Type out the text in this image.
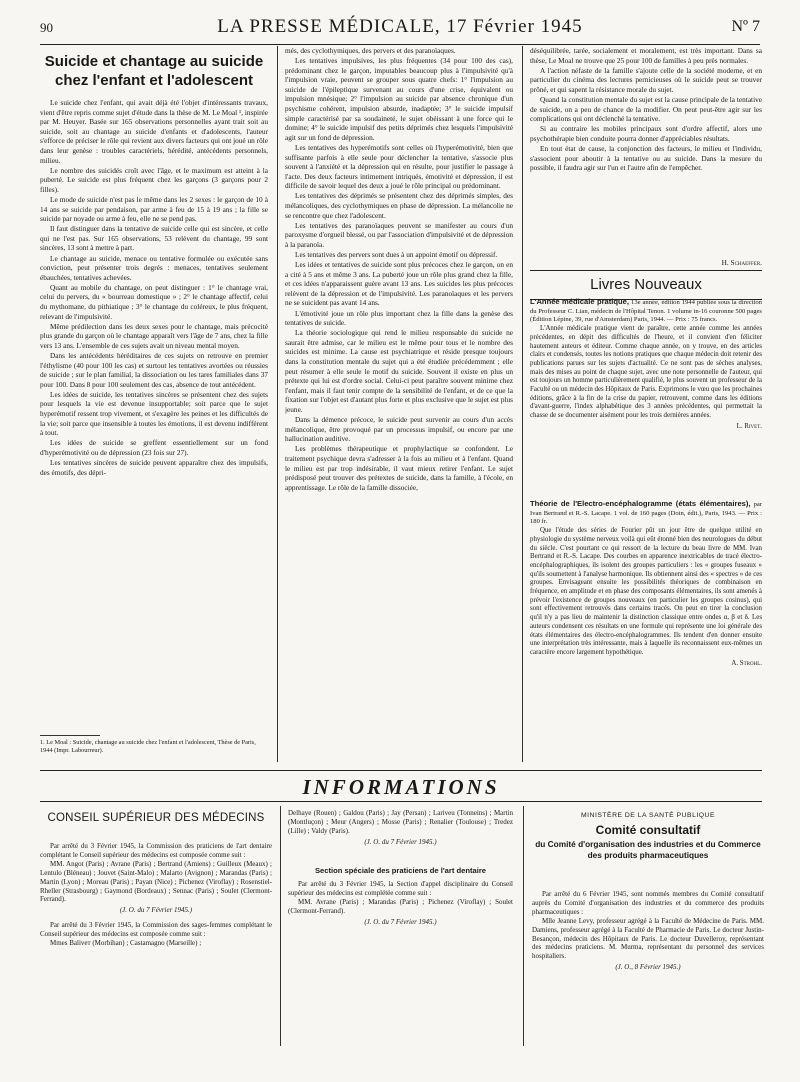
90	LA PRESSE MÉDICALE, 17 Février 1945	Nº 7
Suicide et chantage au suicide chez l'enfant et l'adolescent

Le suicide chez l'enfant, qui avait déjà été l'objet d'intéressants travaux, vient d'être repris comme sujet d'étude dans la thèse de M. Le Moal ¹, inspirée par M. Heuyer. Basée sur 165 observations personnelles ayant trait soit au suicide, soit au chantage au suicide d'enfants et d'adolescents, l'auteur s'efforce de préciser le rôle qui revient aux divers facteurs qui ont joué un rôle dans leur genèse : troubles caractériels, hérédité, antécédents personnels, milieu.

Le nombre des suicidés croît avec l'âge, et le maximum est atteint à la puberté. Le suicide est plus fréquent chez les garçons (3 garçons pour 2 filles).

Le mode de suicide n'est pas le même dans les 2 sexes : le garçon de 10 à 14 ans se suicide par pendaison, par arme à feu de 15 à 19 ans ; la fille se suicide par noyade ou arme à feu, elle ne se pend pas.

Il faut distinguer dans la tentative de suicide celle qui est sincère, et celle qui ne l'est pas. Sur 165 observations, 53 relèvent du chantage, 99 sont sincères, 13 sont à mettre à part.

Le chantage au suicide, menace ou tentative formulée ou exécutée sans conviction, peut présenter trois degrés : menaces, tentatives seulement ébauchées, tentatives achevées.

Quant au mobile du chantage, on peut distinguer : 1° le chantage vrai, celui du pervers, du « bourreau domestique » ; 2° le chantage affectif, celui du mythomane, du pithiatique ; 3° le chantage du coléreux, le plus fréquent, relevant de l'impulsivité.

Même prédilection dans les deux sexes pour le chantage, mais précocité plus grande du garçon où le chantage apparaît vers l'âge de 7 ans, chez la fille vers 13 ans. L'ensemble de ces sujets avait un niveau mental moyen.

Dans les antécédents héréditaires de ces sujets on retrouve en premier l'éthylisme (40 pour 100 les cas) et surtout les tentatives avortées ou réussies de suicide ; sur le plan familial, la dissociation ou les tares familiales dans 37 pour 100. Dans 8 pour 100 seulement des cas, absence de tout antécédent.

Les idées de suicide, les tentatives sincères se présentent chez des sujets pour lesquels la vie est devenue insupportable; soit parce que le sujet hyperémotif ressent trop vivement, et s'exagère les peines et les difficultés de la vie; soit parce que insensible à toutes les émotions, il est devenu indifférent à tout.

Les idées de suicide se greffent essentiellement sur un fond d'hyperémotivité ou de dépression (23 fois sur 27).

Les tentatives sincères de suicide peuvent apparaître chez des impulsifs, des émotifs, des dépri-

1. Le Moal : Suicide, chantage au suicide chez l'enfant et l'adolescent, Thèse de Paris, 1944 (Impr. Labourreur).

més, des cyclothymiques, des pervers et des paranoïaques.

Les tentatives impulsives, les plus fréquentes (34 pour 100 des cas), prédominant chez le garçon, imputables beaucoup plus à l'impulsivité qu'à l'impulsion vraie, peuvent se grouper sous quatre chefs: 1° l'impulsion au suicide de l'épileptique survenant au cours d'une crise, équivalent ou impulsion mnésique; 2° l'impulsion au suicide par absence chronique d'un psychisme cohérent, impulsion absurde, inadaptée; 3° le suicide impulsif simple caractérisé par sa soudaineté, le sujet obéissant à une force qui le domine; 4° le suicide impulsif des petits déprimés chez lesquels l'impulsivité agit sur un fond de dépression.

Les tentatives des hyperémotifs sont celles où l'hyperémotivité, bien que suffisante parfois à elle seule pour déclencher la tentative, s'associe plus souvent à l'anxiété et la dépression qui en résulte, pour justifier le passage à l'acte. Des deux facteurs intimement intriqués, émotivité et dépression, il est difficile de savoir lequel des deux a joué le rôle principal ou prédominant.

Les tentatives des déprimés se présentent chez des déprimés simples, des mélancoliques, des cyclothymiques en phase de dépression. La mélancolie ne se rencontre que chez l'adolescent.

Les tentatives des paranoïaques peuvent se manifester au cours d'un paroxysme d'orgueil blessé, ou par l'association d'impulsivité et de dépression à la paranoïa.

Les tentatives des pervers sont dues à un appoint émotif ou dépressif.

Les idées et tentatives de suicide sont plus précoces chez le garçon, on en a cité à 5 ans et même 3 ans. La puberté joue un rôle plus grand chez la fille, et ces idées n'apparaissent guère avant 13 ans. Les suicides les plus précoces relèvent de la dépression et de l'impulsivité. Les paranoïaques et les pervers ne se suicident pas avant 14 ans.

L'émotivité joue un rôle plus important chez la fille dans la genèse des tentatives de suicide.

La théorie sociologique qui rend le milieu responsable du suicide ne saurait être admise, car le milieu est le même pour tous et le nombre des suicides est minime. La cause est psychiatrique et réside presque toujours dans la constitution mentale du sujet qui a été étudiée précédemment ; elle peut résumer à elle seule le motif du suicide. Souvent il existe en plus un prétexte qui lui est d'ordre social. Celui-ci peut paraître souvent minime chez l'enfant, mais il faut tenir compte de la sensibilité de l'enfant, et de ce que la fixation sur l'objet est d'autant plus forte et plus exclusive que le sujet est plus jeune.

Dans la démence précoce, le suicide peut survenir au cours d'un accès mélancolique, être provoqué par un processus impulsif, ou encore par une hallucination auditive.

Les problèmes thérapeutique et prophylactique se confondent. Le traitement psychique devra s'adresser à la fois au milieu et à l'enfant. Quand le milieu est par trop indésirable, il vaut mieux retirer l'enfant. Le sujet prédisposé peut trouver des prétextes de suicide, dans la famille, à l'école, en apprentissage. Le rôle de la famille dissociée,

déséquilibrée, tarée, socialement et moralement, est très important. Dans sa thèse, Le Moal ne trouve que 25 pour 100 de familles à peu près normales.

A l'action néfaste de la famille s'ajoute celle de la société moderne, et en particulier du cinéma des lectures pernicieuses où le suicide peut se trouver prôné, et qui sapent la résistance morale du sujet.

Quand la constitution mentale du sujet est la cause principale de la tentative de suicide, on a peu de chance de la modifier. On peut peut-être agir sur les complications qui ont déclenché la tentative.

Si au contraire les mobiles principaux sont d'ordre affectif, alors une psychothérapie bien conduite pourra donner d'appréciables résultats.

En tout état de cause, la conjonction des facteurs, le milieu et l'individu, s'associent pour aboutir à la tentative ou au suicide. Dans la mesure du possible, il faudra agir sur l'un et l'autre afin de l'empêcher.

H. Schaeffer.
Livres Nouveaux
L'Année médicale pratique, 13e année, édition 1944 publiée sous la direction du Professeur C. Lian, médecin de l'Hôpital Tenon. 1 volume in-16 couronne 500 pages (Édition Lépine, 39, rue d'Amsterdam) Paris, 1944. — Prix : 75 francs.

L'Année médicale pratique vient de paraître, cette année comme les années précédentes, en dépit des difficultés de l'heure, et il convient d'en féliciter hautement auteurs et éditeur. Comme chaque année, on y trouve, en des articles clairs et condensés, toutes les notions pratiques que chaque médecin doit retenir des publications parues sur les sujets d'actualité. Ce ne sont pas de sèches analyses, mais des mises au point de chaque sujet, avec une note personnelle de l'auteur, qui est toujours un homme particulièrement qualifié, le plus souvent un professeur de la Faculté ou un médecin des Hôpitaux de Paris. Exprimons le vœu que les prochaines éditions, grâce à la fin de la crise du papier, retrouvent, comme dans les éditions d'avant-guerre, l'index alphabétique des 3 années précédentes, qui permettait la chasse de se documenter aisément pour les trois dernières années.

L. Rivet.
Théorie de l'Electro-encéphalogramme (états élémentaires), par Ivan Bertrand et R.-S. Lacape. 1 vol. de 160 pages (Doin, édit.), Paris, 1943. — Prix : 180 fr.

Que l'étude des séries de Fourier pût un jour être de quelque utilité en physiologie du système nerveux voilà qui eût étonné bien des neurologues du début du siècle. C'est pourtant ce qui ressort de la lecture du beau livre de MM. Ivan Bertrand et R.-S. Lacape. Des courbes en apparence inextricables de tracé électro-encéphalographiques, ils isolent des groupes particuliers : les « groupes fuseaux » qu'ils soumettent à l'analyse harmonique. Ils obtiennent ainsi des « spectres » de ces groupes. Envisageant ensuite les possibilités théoriques de combinaison en fréquence, en amplitude et en phase des composants élémentaires, ils sont amenés à prévoir l'existence de groupes nouveaux (en particulier les groupes cosinus), qui sont effectivement retrouvés dans certains tracés. On peut en tirer la conclusion qu'il n'y a pas lieu de maintenir la distinction classique entre ondes α, β et δ. Les auteurs condensent ces résultats en une formule qui représente une loi générale des états élémentaires des électro-encéphalogrammes. Ils tendent d'en donner ensuite une interprétation très intéressante, mais à laquelle ils reconnaissent eux-mêmes un caractère encore largement hypothétique.

A. Strohl.
INFORMATIONS
CONSEIL SUPÉRIEUR DES MÉDECINS

Par arrêté du 3 Février 1945, la Commission des praticiens de l'art dentaire complétant le Conseil supérieur des médecins est composée comme suit :

MM. Angot (Paris) ; Avrane (Paris) ; Bertrand (Amiens) ; Guilleux (Meaux) ; Lentulo (Bléneau) ; Jouvet (Saint-Malo) ; Malarto (Avignon) ; Marandas (Paris) ; Martin (Lyon) ; Moreau (Paris) ; Payan (Nice) ; Pichenez (Viroflay) ; Rosenstiel-Rheller (Strasbourg) ; Gaymond (Bordeaux) ; Sennac (Paris) ; Soulet (Clermont-Ferrand).

(J. O. du 7 Février 1945.)

Par arrêté du 3 Février 1945, la Commission des sages-femmes complétant le Conseil supérieur des médecins est composée comme suit :

Mmes Baliveт (Morbihan) ; Castamagno (Marseille) ;

Delhaye (Rouen) ; Galdou (Paris) ; Jay (Persan) ; Lariveu (Tonneins) ; Martin (Montluçon) ; Meur (Angers) ; Mosse (Paris) ; Renalier (Toulouse) ; Tredez (Lille) ; Valdy (Paris).

(J. O. du 7 Février 1945.)

Section spéciale des praticiens de l'art dentaire

Par arrêté du 3 Février 1945, la Section d'appel disciplinaire du Conseil supérieur des médecins est complétée comme suit :

MM. Avrane (Paris) ; Marandas (Paris) ; Pichenez (Viroflay) ; Soulet (Clermont-Ferrand).

(J. O. du 7 Février 1945.)

MINISTÈRE DE LA SANTÉ PUBLIQUE
Comité consultatif
du Comité d'organisation des industries et du Commerce des produits pharmaceutiques

Par arrêté du 6 Février 1945, sont nommés membres du Comité consultatif auprès du Comité d'organisation des industries et du commerce des produits pharmaceutiques :

Mlle Jeanne Levy, professeur agrégé à la Faculté de Médecine de Paris. MM. Damiens, professeur agrégé à la Faculté de Pharmacie de Paris. Le docteur Justin-Besançon, médecin des Hôpitaux de Paris. Le docteur Duvelleroy, représentant des médecins praticiens. M. Murma, représentant du personnel des services hospitaliers.

(J. O., 8 Février 1945.)
